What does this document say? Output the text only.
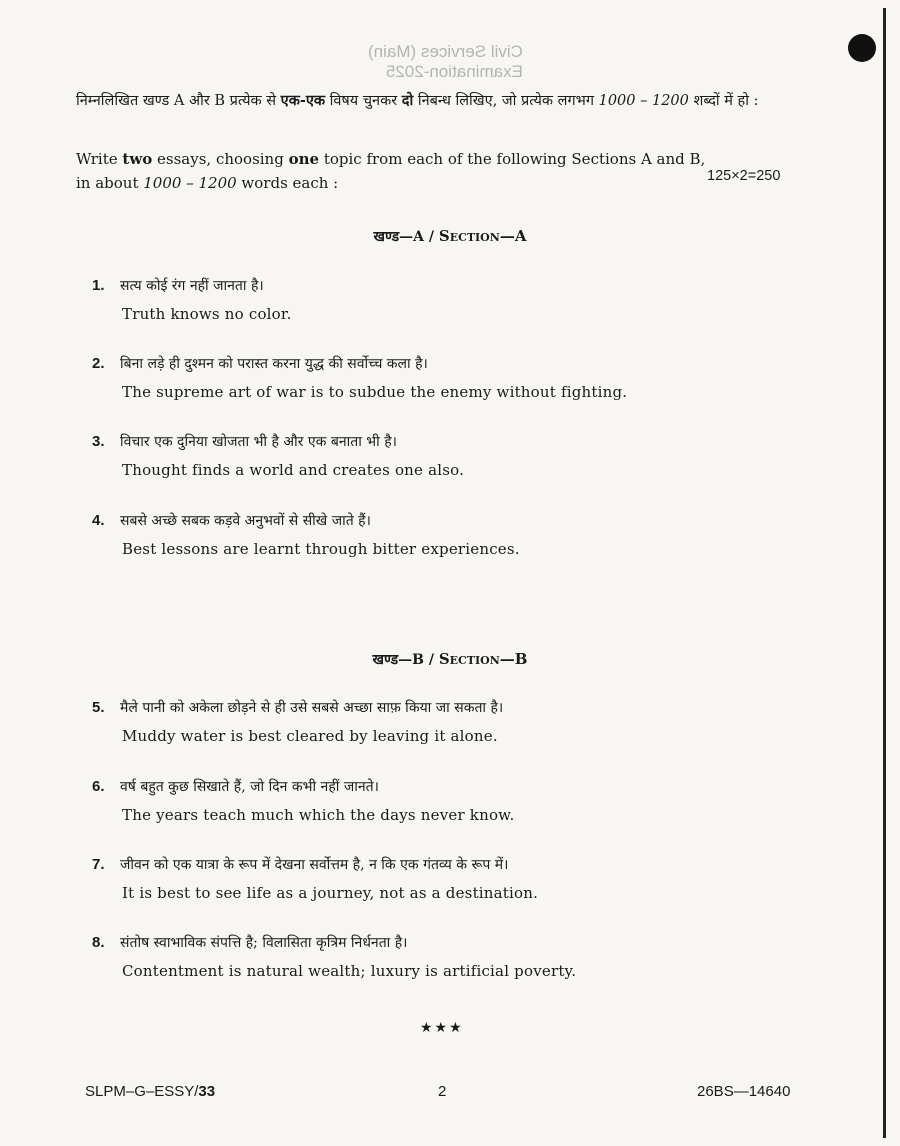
Civil Services (Main)
Examination-2025
निम्नलिखित खण्ड A और B प्रत्येक से एक-एक विषय चुनकर दो निबन्ध लिखिए, जो प्रत्येक लगभग 1000 – 1200 शब्दों में हो :
Write two essays, choosing one topic from each of the following Sections A and B,
in about 1000 – 1200 words each :	125×2=250
खण्ड—A / Section—A
1. सत्य कोई रंग नहीं जानता है।
Truth knows no color.
2. बिना लड़े ही दुश्मन को परास्त करना युद्ध की सर्वोच्च कला है।
The supreme art of war is to subdue the enemy without fighting.
3. विचार एक दुनिया खोजता भी है और एक बनाता भी है।
Thought finds a world and creates one also.
4. सबसे अच्छे सबक कड़वे अनुभवों से सीखे जाते हैं।
Best lessons are learnt through bitter experiences.
खण्ड—B / Section—B
5. मैले पानी को अकेला छोड़ने से ही उसे सबसे अच्छा साफ़ किया जा सकता है।
Muddy water is best cleared by leaving it alone.
6. वर्ष बहुत कुछ सिखाते हैं, जो दिन कभी नहीं जानते।
The years teach much which the days never know.
7. जीवन को एक यात्रा के रूप में देखना सर्वोत्तम है, न कि एक गंतव्य के रूप में।
It is best to see life as a journey, not as a destination.
8. संतोष स्वाभाविक संपत्ति है; विलासिता कृत्रिम निर्धनता है।
Contentment is natural wealth; luxury is artificial poverty.
★★★
SLPM–G–ESSY/33	2	26BS—14640
